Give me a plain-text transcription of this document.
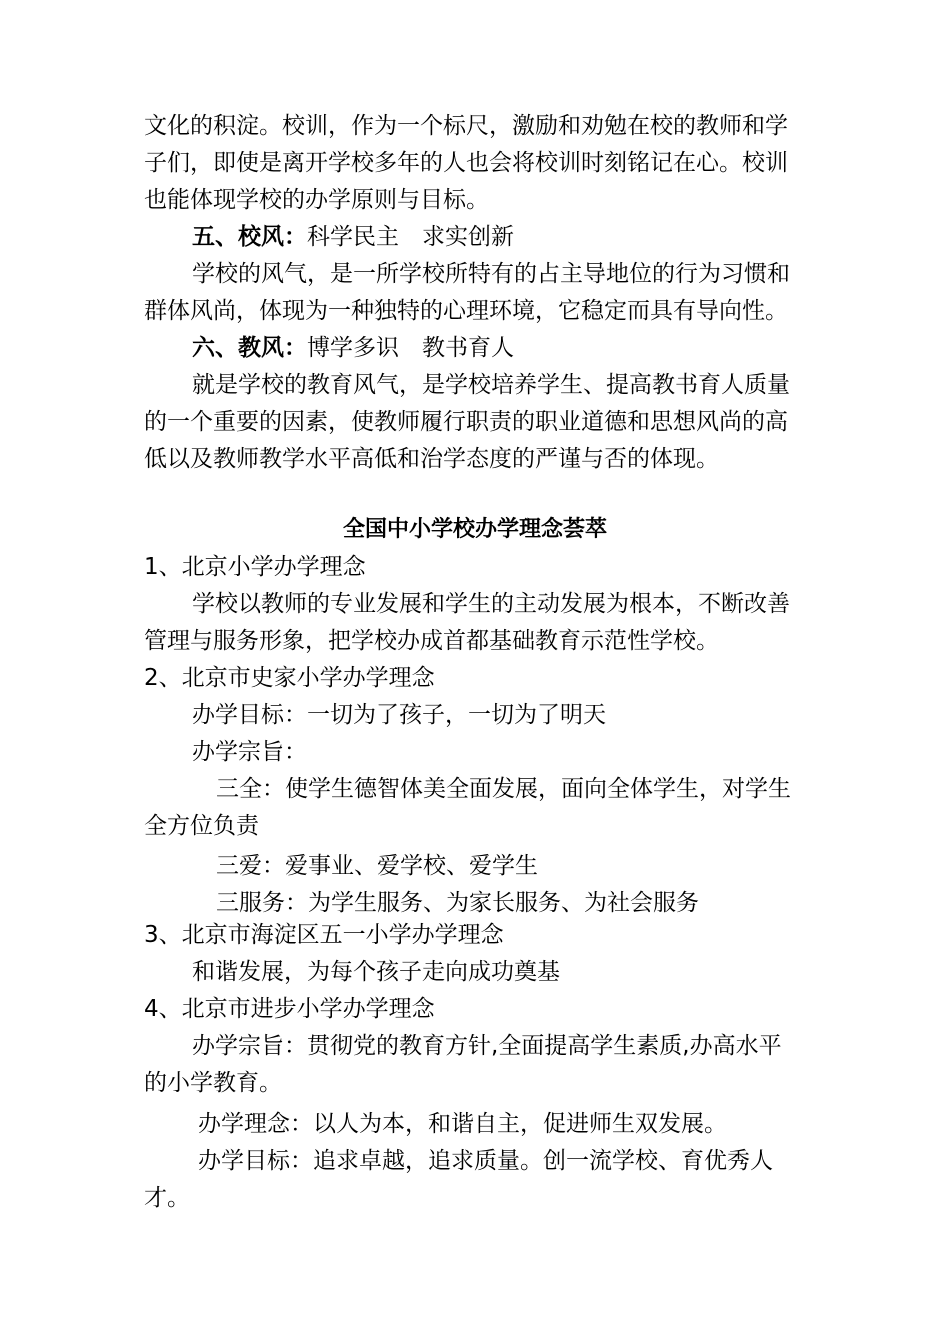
文化的积淀。校训，作为一个标尺，激励和劝勉在校的教师和学

子们，即使是离开学校多年的人也会将校训时刻铭记在心。校训

也能体现学校的办学原则与目标。

五、校风：科学民主　求实创新

学校的风气，是一所学校所特有的占主导地位的行为习惯和

群体风尚，体现为一种独特的心理环境，它稳定而具有导向性。

六、教风：博学多识　教书育人

就是学校的教育风气，是学校培养学生、提高教书育人质量

的一个重要的因素，使教师履行职责的职业道德和思想风尚的高

低以及教师教学水平高低和治学态度的严谨与否的体现。

全国中小学校办学理念荟萃

1、北京小学办学理念

学校以教师的专业发展和学生的主动发展为根本，不断改善

管理与服务形象，把学校办成首都基础教育示范性学校。

2、北京市史家小学办学理念

办学目标：一切为了孩子，一切为了明天

办学宗旨：

三全：使学生德智体美全面发展，面向全体学生，对学生

全方位负责

三爱：爱事业、爱学校、爱学生

三服务：为学生服务、为家长服务、为社会服务

3、北京市海淀区五一小学办学理念

和谐发展，为每个孩子走向成功奠基

4、北京市进步小学办学理念

办学宗旨：贯彻党的教育方针,全面提高学生素质,办高水平

的小学教育。

办学理念：以人为本，和谐自主，促进师生双发展。

办学目标：追求卓越，追求质量。创一流学校、育优秀人

才。
